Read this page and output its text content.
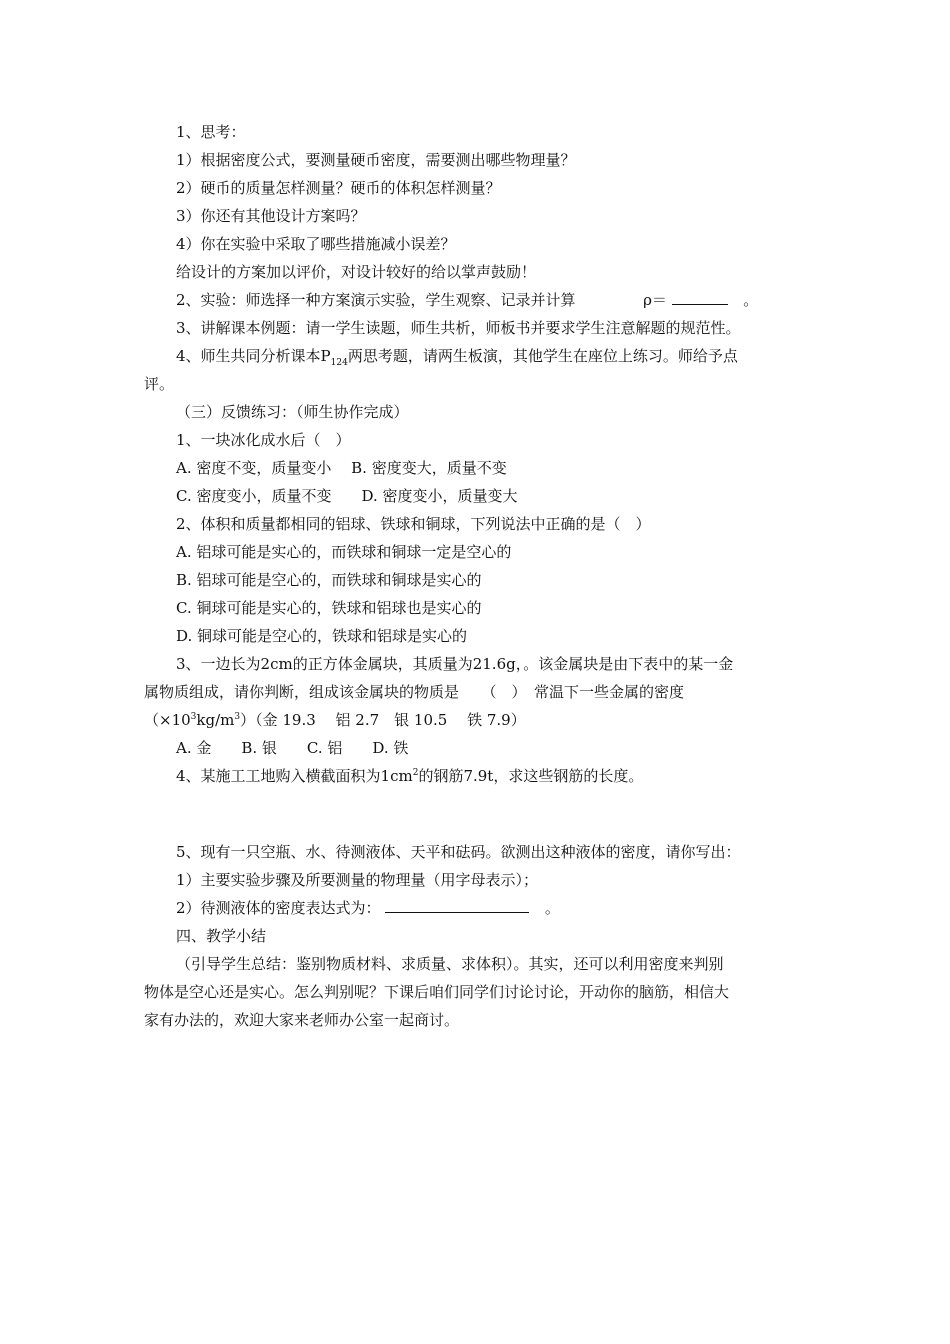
1、思考：
1）根据密度公式，要测量硬币密度，需要测出哪些物理量？
2）硬币的质量怎样测量？硬币的体积怎样测量？
3）你还有其他设计方案吗？
4）你在实验中采取了哪些措施减小误差？
给设计的方案加以评价，对设计较好的给以掌声鼓励！
2、实验：师选择一种方案演示实验，学生观察、记录并计算	ρ＝	。
3、讲解课本例题：请一学生读题，师生共析，师板书并要求学生注意解题的规范性。
4、师生共同分析课本$P_{124}$两思考题，请两生板演，其他学生在座位上练习。师给予点
评。
（三）反馈练习：（师生协作完成）
1、一块冰化成水后（　）
A. 密度不变，质量变小　 B. 密度变大，质量不变
C. 密度变小，质量不变　　D. 密度变小，质量变大
2、体积和质量都相同的铝球、铁球和铜球，下列说法中正确的是（　）
A. 铝球可能是实心的，而铁球和铜球一定是空心的
B. 铝球可能是空心的，而铁球和铜球是实心的
C. 铜球可能是实心的，铁球和铝球也是实心的
D. 铜球可能是空心的，铁球和铝球是实心的
3、一边长为2cm的正方体金属块，其质量为21.6g，。该金属块是由下表中的某一金
属物质组成，请你判断，组成该金属块的物质是　　（　）　常温下一些金属的密度
$(\times 10^3kg/m^3)$（金 19.3　 铝 2.7　银 10.5　 铁 7.9）
A. 金　　B. 银　　C. 铝　　D. 铁
4、某施工工地购入横截面积为$1cm^2$的钢筋7.9t，求这些钢筋的长度。
5、现有一只空瓶、水、待测液体、天平和砝码。欲测出这种液体的密度，请你写出：
1）主要实验步骤及所要测量的物理量（用字母表示）；
2）待测液体的密度表达式为：	。
四、教学小结
（引导学生总结：鉴别物质材料、求质量、求体积）。其实，还可以利用密度来判别
物体是空心还是实心。怎么判别呢？下课后咱们同学们讨论讨论，开动你的脑筋，相信大
家有办法的，欢迎大家来老师办公室一起商讨。
